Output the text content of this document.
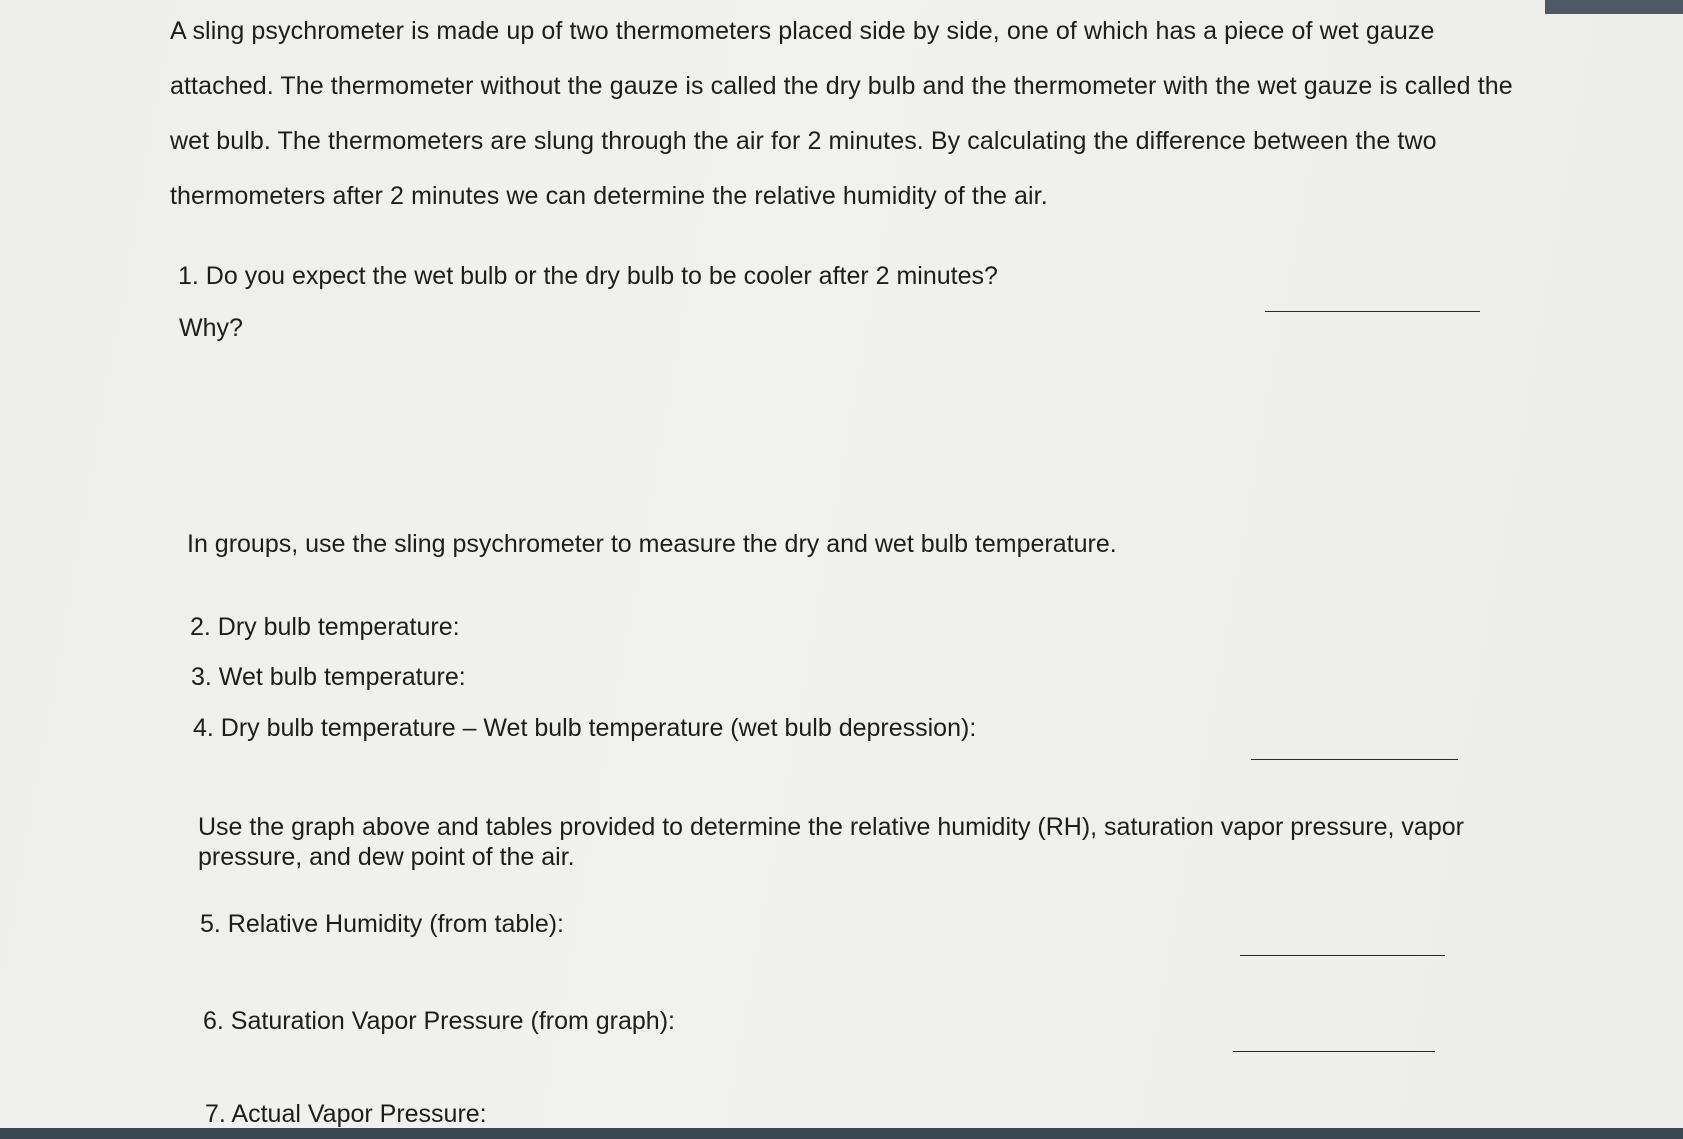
A sling psychrometer is made up of two thermometers placed side by side, one of which has a piece of wet gauze attached. The thermometer without the gauze is called the dry bulb and the thermometer with the wet gauze is called the wet bulb. The thermometers are slung through the air for 2 minutes. By calculating the difference between the two thermometers after 2 minutes we can determine the relative humidity of the air.

1. Do you expect the wet bulb or the dry bulb to be cooler after 2 minutes?

Why?

In groups, use the sling psychrometer to measure the dry and wet bulb temperature.

2. Dry bulb temperature:

3. Wet bulb temperature:

4. Dry bulb temperature – Wet bulb temperature (wet bulb depression):

Use the graph above and tables provided to determine the relative humidity (RH), saturation vapor pressure, vapor pressure, and dew point of the air.

5. Relative Humidity (from table):

6. Saturation Vapor Pressure (from graph):

7. Actual Vapor Pressure:
